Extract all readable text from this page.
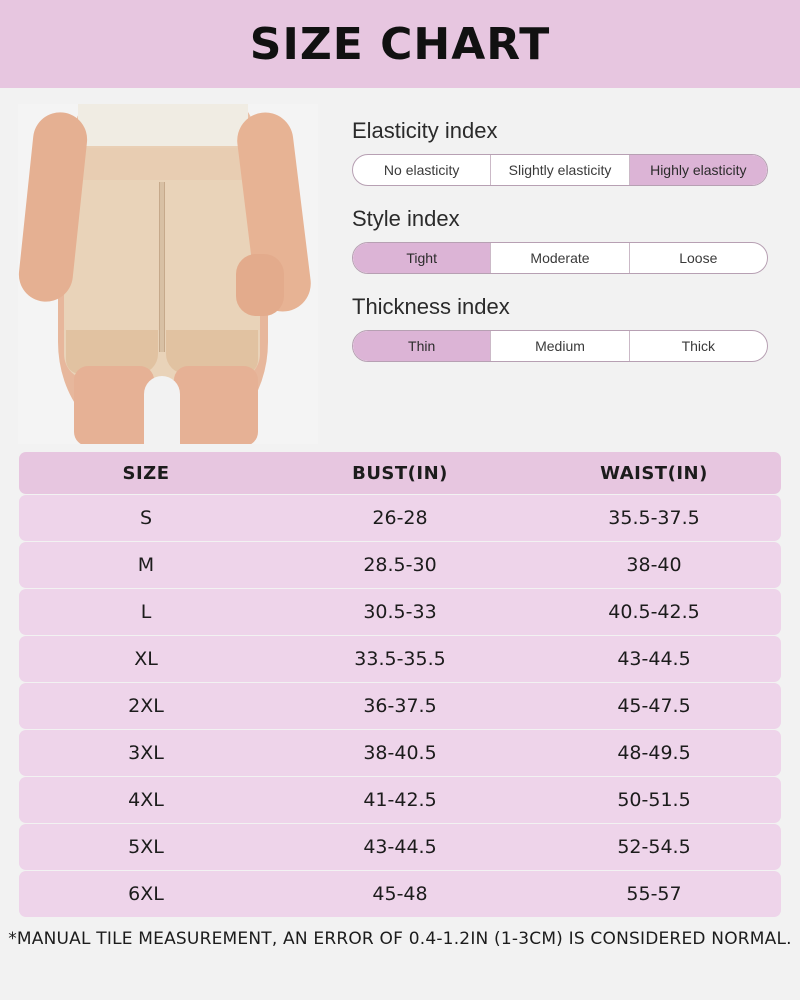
SIZE CHART
Elasticity index
No elasticity	Slightly elasticity	Highly elasticity
Style index
Tight	Moderate	Loose
Thickness index
Thin	Medium	Thick
SIZE	BUST(IN)	WAIST(IN)
S	26-28	35.5-37.5
M	28.5-30	38-40
L	30.5-33	40.5-42.5
XL	33.5-35.5	43-44.5
2XL	36-37.5	45-47.5
3XL	38-40.5	48-49.5
4XL	41-42.5	50-51.5
5XL	43-44.5	52-54.5
6XL	45-48	55-57
*MANUAL TILE MEASUREMENT, AN ERROR OF 0.4-1.2IN (1-3CM) IS CONSIDERED NORMAL.
